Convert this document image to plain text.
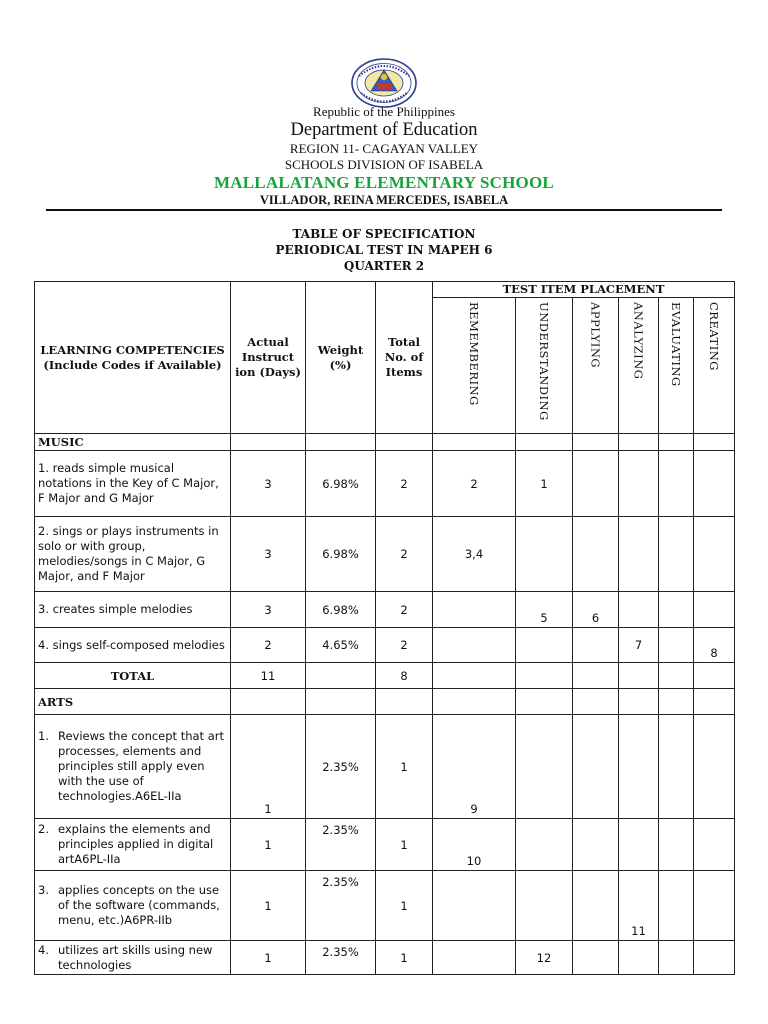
Republic of the Philippines
Department of Education
REGION 11- CAGAYAN VALLEY
SCHOOLS DIVISION OF ISABELA
MALLALATANG ELEMENTARY SCHOOL
VILLADOR, REINA MERCEDES, ISABELA
TABLE OF SPECIFICATION
PERIODICAL TEST IN MAPEH 6
QUARTER 2
LEARNING COMPETENCIES (Include Codes if Available)	Actual Instruct ion (Days)	Weight (%)	Total No. of Items	TEST ITEM PLACEMENT					
				REMEMBERING	UNDERSTANDING	APPLYING	ANALYZING	EVALUATING	CREATING
MUSIC									
1. reads simple musical notations in the Key of C Major, F Major and G Major	3	6.98%	2	2	1				
2. sings or plays instruments in solo or with group, melodies/songs in C Major, G Major, and F Major	3	6.98%	2	3,4					
3. creates simple melodies	3	6.98%	2		5	6			
4. sings self-composed melodies	2	4.65%	2				7		8
TOTAL	11		8						
ARTS									

1. Reviews the concept that art processes, elements and principles still apply even with the use of technologies.A6EL-IIa	1	2.35%	1	9					

2. explains the elements and principles applied in digital artA6PL-IIa	1	2.35%	1	10					

3. applies concepts on the use of the software (commands, menu, etc.)A6PR-IIb	1	2.35%	1				11		

4. utilizes art skills using new technologies	1	2.35%	1		12				
